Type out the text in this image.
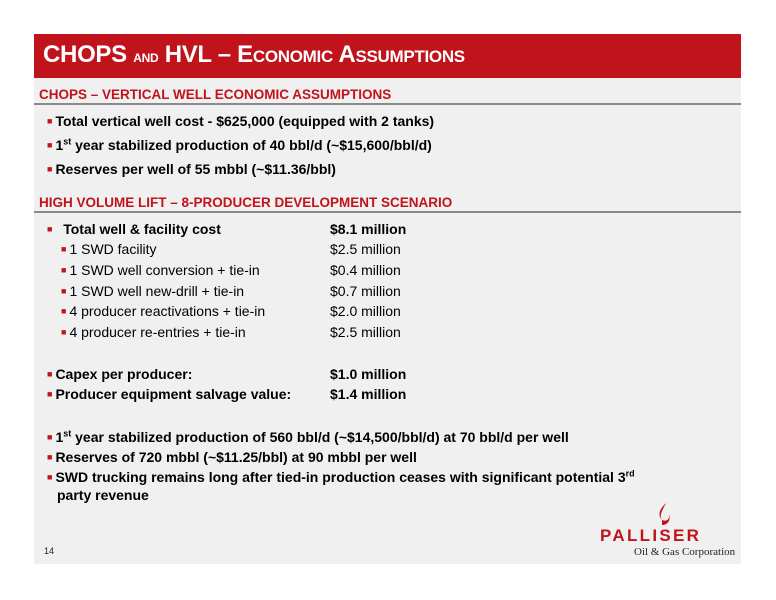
CHOPS AND HVL – ECONOMIC ASSUMPTIONS
CHOPS – VERTICAL WELL ECONOMIC ASSUMPTIONS
■ Total vertical well cost - $625,000 (equipped with 2 tanks)
■ 1st year stabilized production of 40 bbl/d (~$15,600/bbl/d)
■ Reserves per well of 55 mbbl (~$11.36/bbl)
HIGH VOLUME LIFT – 8-PRODUCER DEVELOPMENT SCENARIO
■ Total well & facility cost	$8.1 million
■ 1 SWD facility	$2.5 million
■ 1 SWD well conversion + tie-in	$0.4 million
■ 1 SWD well new-drill + tie-in	$0.7 million
■ 4 producer reactivations + tie-in	$2.0 million
■ 4 producer re-entries + tie-in	$2.5 million
■ Capex per producer:	$1.0 million
■ Producer equipment salvage value:	$1.4 million
■ 1st year stabilized production of 560 bbl/d (~$14,500/bbl/d) at 70 bbl/d per well
■ Reserves of 720 mbbl (~$11.25/bbl) at 90 mbbl per well
■ SWD trucking remains long after tied-in production ceases with significant potential 3rd
party revenue
14
PALLISER
Oil & Gas Corporation
